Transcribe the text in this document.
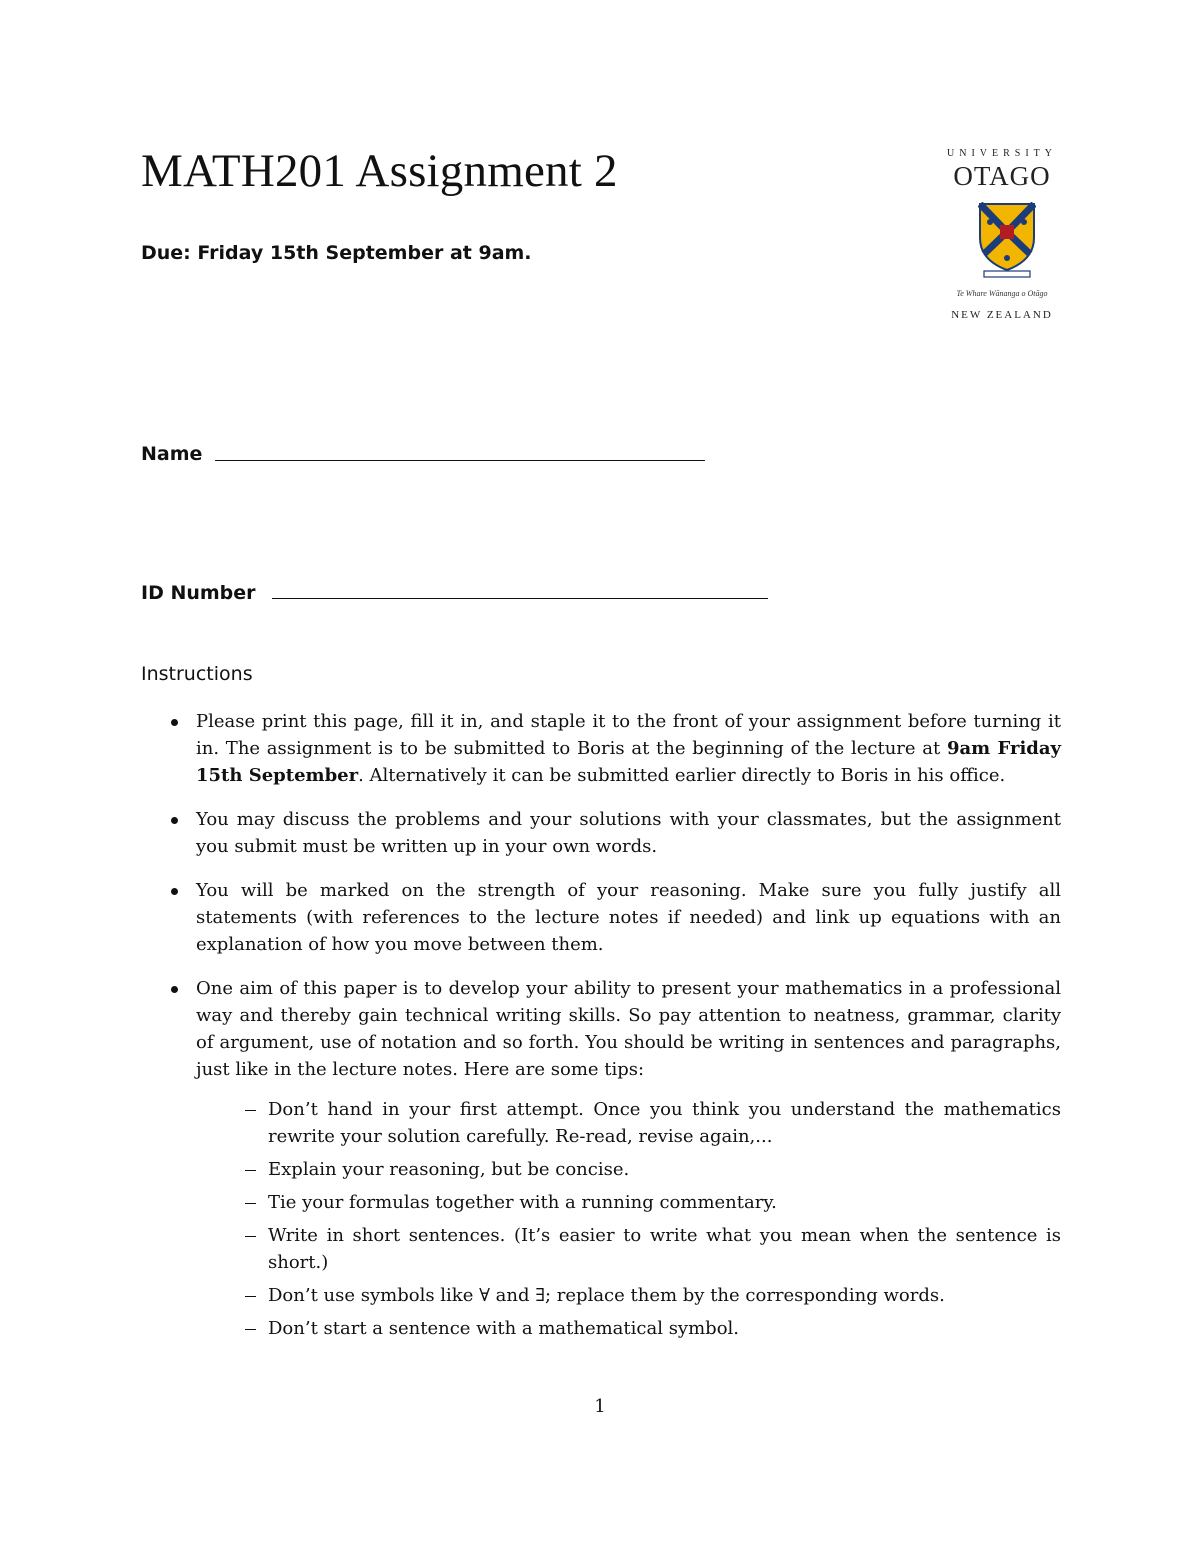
MATH201 Assignment 2
Due: Friday 15th September at 9am.
UNIVERSITY
OTAGO
Te Whare Wānanga o Otāgo
NEW ZEALAND
Name
ID Number
Instructions
Please print this page, fill it in, and staple it to the front of your assignment before turning it in. The assignment is to be submitted to Boris at the beginning of the lecture at 9am Friday 15th September. Alternatively it can be submitted earlier directly to Boris in his office.
You may discuss the problems and your solutions with your classmates, but the assignment you submit must be written up in your own words.
You will be marked on the strength of your reasoning. Make sure you fully justify all statements (with references to the lecture notes if needed) and link up equations with an explanation of how you move between them.
One aim of this paper is to develop your ability to present your mathematics in a professional way and thereby gain technical writing skills. So pay attention to neatness, grammar, clarity of argument, use of notation and so forth. You should be writing in sentences and paragraphs, just like in the lecture notes. Here are some tips:
Don’t hand in your first attempt. Once you think you understand the mathematics rewrite your solution carefully. Re-read, revise again,...
Explain your reasoning, but be concise.
Tie your formulas together with a running commentary.
Write in short sentences. (It’s easier to write what you mean when the sentence is short.)
Don’t use symbols like ∀ and ∃; replace them by the corresponding words.
Don’t start a sentence with a mathematical symbol.
1
